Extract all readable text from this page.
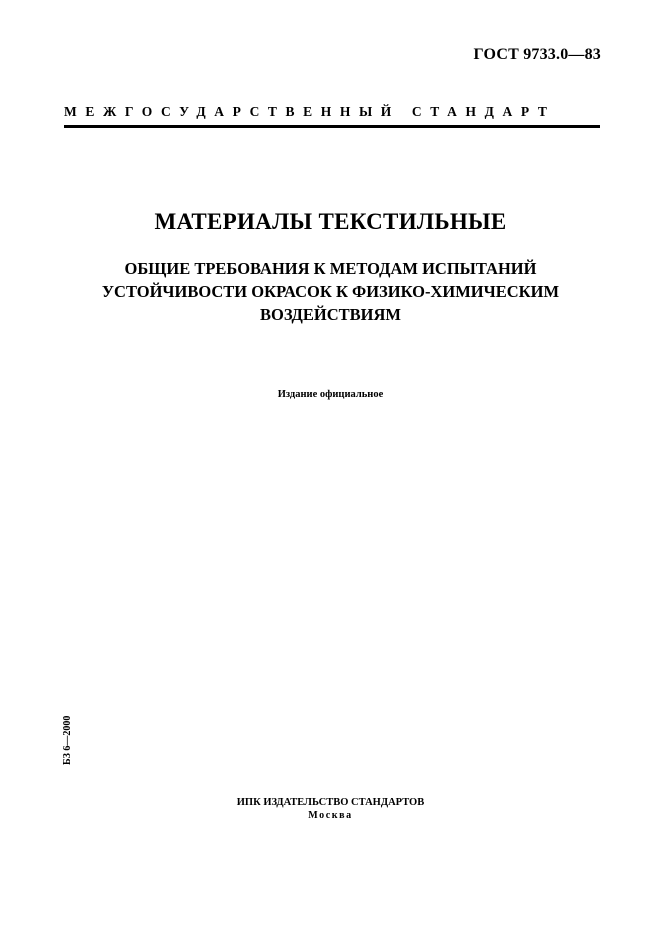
ГОСТ 9733.0—83
МЕЖГОСУДАРСТВЕННЫЙ СТАНДАРТ
МАТЕРИАЛЫ ТЕКСТИЛЬНЫЕ
ОБЩИЕ ТРЕБОВАНИЯ К МЕТОДАМ ИСПЫТАНИЙ
УСТОЙЧИВОСТИ ОКРАСОК К ФИЗИКО-ХИМИЧЕСКИМ
ВОЗДЕЙСТВИЯМ
Издание официальное
БЗ 6—2000
ИПК ИЗДАТЕЛЬСТВО СТАНДАРТОВ
Москва
